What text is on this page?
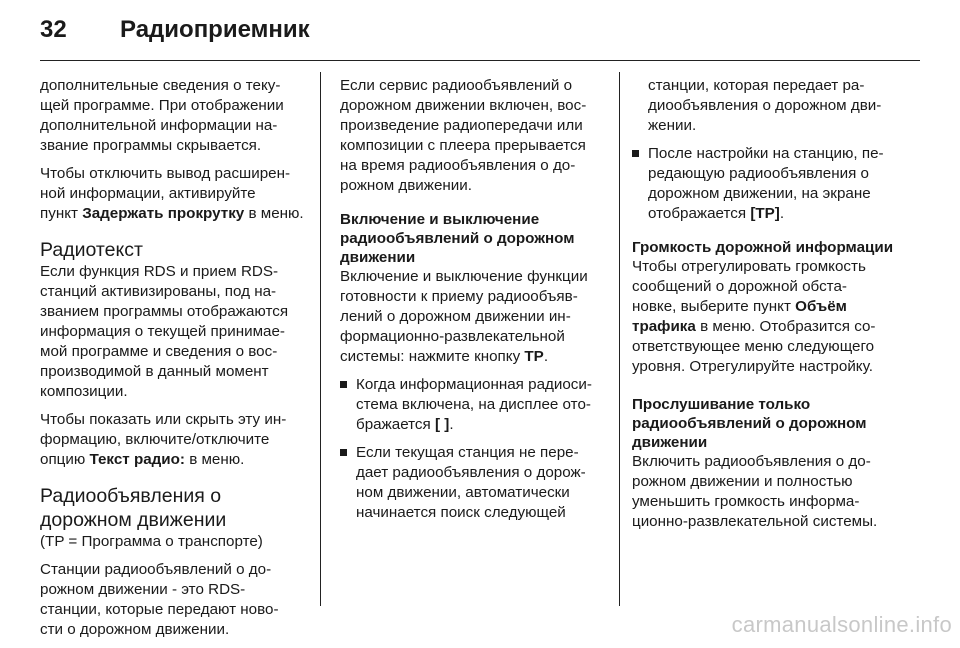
32 Радиоприемник

дополнительные сведения о теку-
щей программе. При отображении
дополнительной информации на-
звание программы скрывается.

Чтобы отключить вывод расширен-
ной информации, активируйте
пункт Задержать прокрутку в меню.

Радиотекст

Если функция RDS и прием RDS-
станций активизированы, под на-
званием программы отображаются
информация о текущей принимае-
мой программе и сведения о вос-
производимой в данный момент
композиции.

Чтобы показать или скрыть эту ин-
формацию, включите/отключите
опцию Текст радио: в меню.

Радиообъявления о
дорожном движении

(TP = Программа о транспорте)

Станции радиообъявлений о до-
рожном движении - это RDS-
станции, которые передают ново-
сти о дорожном движении.

Если сервис радиообъявлений о
дорожном движении включен, вос-
произведение радиопередачи или
композиции с плеера прерывается
на время радиообъявления о до-
рожном движении.

Включение и выключение
радиообъявлений о дорожном
движении

Включение и выключение функции
готовности к приему радиообъяв-
лений о дорожном движении ин-
формационно-развлекательной
системы: нажмите кнопку TP.

Когда информационная радиоси-
стема включена, на дисплее ото-
бражается [ ].
Если текущая станция не пере-
дает радиообъявления о дорож-
ном движении, автоматически
начинается поиск следующей
станции, которая передает ра-
диообъявления о дорожном дви-
жении.
После настройки на станцию, пе-
редающую радиообъявления о
дорожном движении, на экране
отображается [TP].
Громкость дорожной информации

Чтобы отрегулировать громкость
сообщений о дорожной обста-
новке, выберите пункт Объём
трафика в меню. Отобразится со-
ответствующее меню следующего
уровня. Отрегулируйте настройку.

Прослушивание только
радиообъявлений о дорожном
движении

Включить радиообъявления о до-
рожном движении и полностью
уменьшить громкость информа-
ционно-развлекательной системы.

carmanualsonline.info
